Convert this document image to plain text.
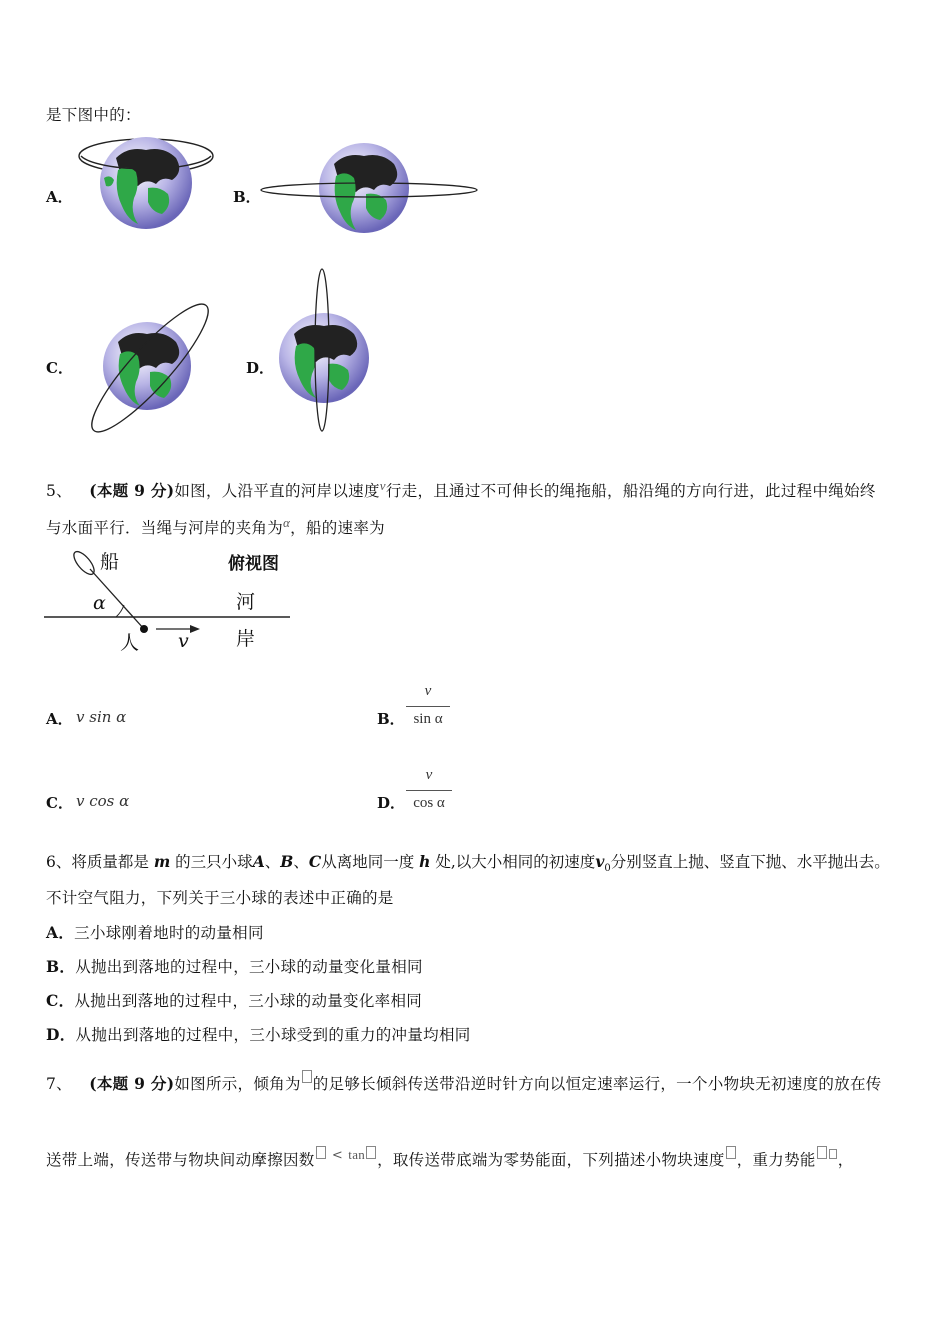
是下图中的：
A．	B．
C．	D．
5、 (本题 9 分)如图，人沿平直的河岸以速度$^v$行走，且通过不可伸长的绳拖船，船沿绳的方向行进，此过程中绳始终
与水面平行．当绳与河岸的夹角为$^\alpha$，船的速率为
船	俯视图
河
岸
人
α
v
A． v sin α	B．
v
sin α
C． v cos α	D．
v
cos α
6、将质量都是 m 的三只小球A、B、C从离地同一度 h 处,以大小相同的初速度$v_0$分别竖直上抛、竖直下抛、水平抛出去。
不计空气阻力，下列关于三小球的表述中正确的是
A．三小球刚着地时的动量相同
B．从抛出到落地的过程中，三小球的动量变化量相同
C．从抛出到落地的过程中，三小球的动量变化率相同
D．从抛出到落地的过程中，三小球受到的重力的冲量均相同
7、 (本题 9 分)如图所示，倾角为 的足够长倾斜传送带沿逆时针方向以恒定速率运行，一个小物块无初速度的放在传
送带上端，传送带与物块间动摩擦因数 < $^{tan}$ ，取传送带底端为零势能面，下列描述小物块速度 ，重力势能 ，
